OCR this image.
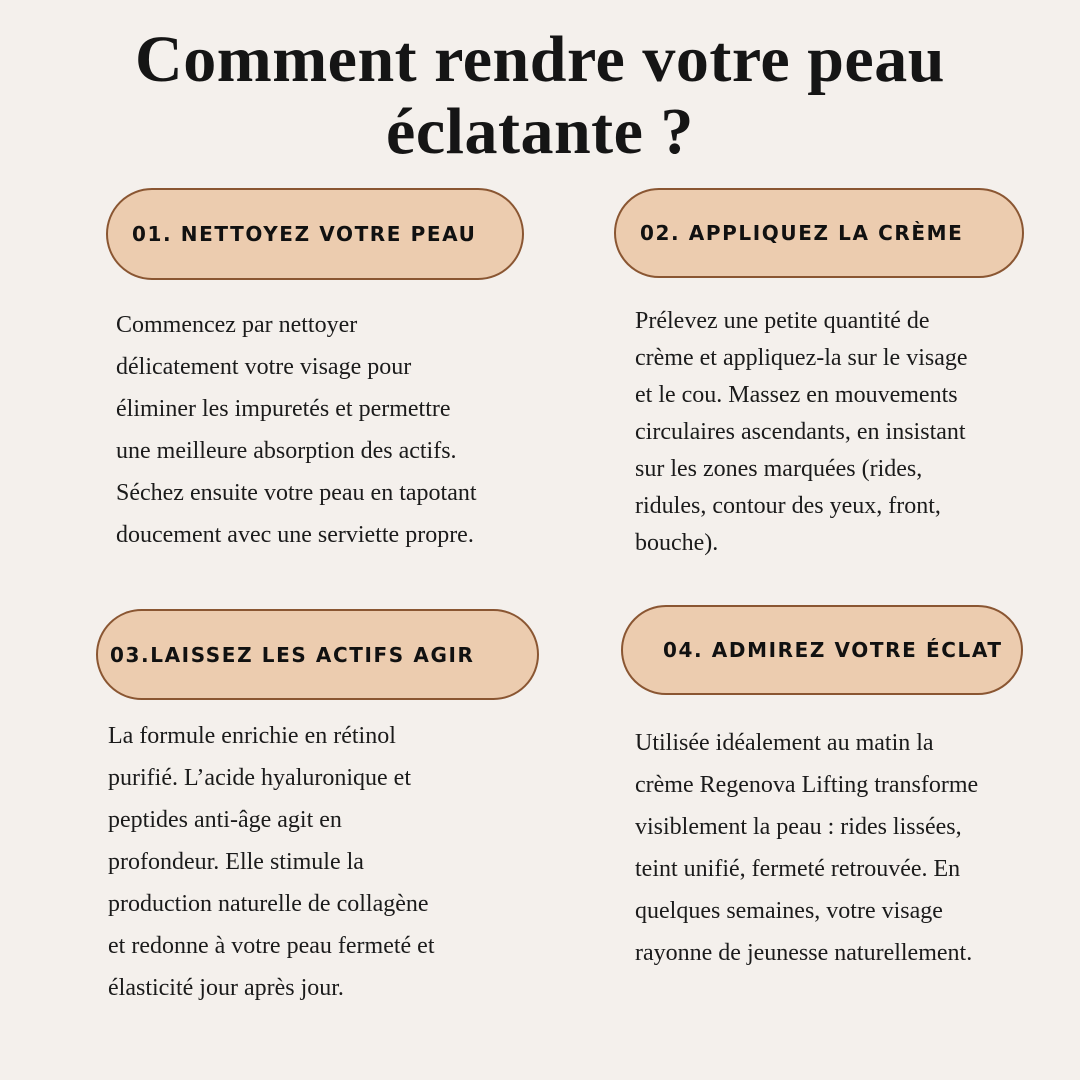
Comment rendre votre peau
éclatante ?
01. NETTOYEZ VOTRE PEAU

Commencez par nettoyer
délicatement votre visage pour
éliminer les impuretés et permettre
une meilleure absorption des actifs.
Séchez ensuite votre peau en tapotant
doucement avec une serviette propre.

02. APPLIQUEZ LA CRÈME

Prélevez une petite quantité de
crème et appliquez-la sur le visage
et le cou. Massez en mouvements
circulaires ascendants, en insistant
sur les zones marquées (rides,
ridules, contour des yeux, front,
bouche).

03.LAISSEZ LES ACTIFS AGIR

La formule enrichie en rétinol
purifié. L’acide hyaluronique et
peptides anti-âge agit en
profondeur. Elle stimule la
production naturelle de collagène
et redonne à votre peau fermeté et
élasticité jour après jour.

04. ADMIREZ VOTRE ÉCLAT

Utilisée idéalement au matin la
crème Regenova Lifting transforme
visiblement la peau : rides lissées,
teint unifié, fermeté retrouvée. En
quelques semaines, votre visage
rayonne de jeunesse naturellement.
